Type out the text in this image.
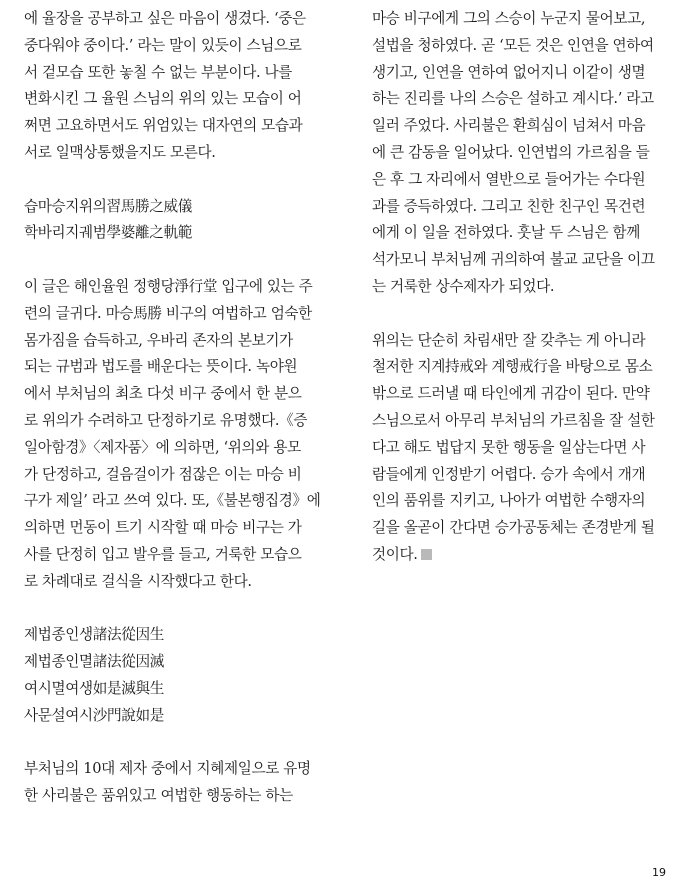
에 율장을 공부하고 싶은 마음이 생겼다. ‘중은
중다워야 중이다.’ 라는 말이 있듯이 스님으로
서 겉모습 또한 놓칠 수 없는 부분이다. 나를
변화시킨 그 율원 스님의 위의 있는 모습이 어
쩌면 고요하면서도 위엄있는 대자연의 모습과
서로 일맥상통했을지도 모른다.
습마승지위의習馬勝之威儀
학바리지궤범學婆離之軌範
이 글은 해인율원 정행당淨行堂 입구에 있는 주
련의 글귀다. 마승馬勝 비구의 여법하고 엄숙한
몸가짐을 습득하고, 우바리 존자의 본보기가
되는 규범과 법도를 배운다는 뜻이다. 녹야원
에서 부처님의 최초 다섯 비구 중에서 한 분으
로 위의가 수려하고 단정하기로 유명했다.《증
일아함경》〈제자품〉에 의하면, ‘위의와 용모
가 단정하고, 걸음걸이가 점잖은 이는 마승 비
구가 제일’ 라고 쓰여 있다. 또,《불본행집경》에
의하면 먼동이 트기 시작할 때 마승 비구는 가
사를 단정히 입고 발우를 들고, 거룩한 모습으
로 차례대로 걸식을 시작했다고 한다.
제법종인생諸法從因生
제법종인멸諸法從因滅
여시멸여생如是滅與生
사문설여시沙門說如是
부처님의 10대 제자 중에서 지혜제일으로 유명
한 사리불은 품위있고 여법한 행동하는 하는
마승 비구에게 그의 스승이 누군지 물어보고,
설법을 청하였다. 곧 ‘모든 것은 인연을 연하여
생기고, 인연을 연하여 없어지니 이같이 생멸
하는 진리를 나의 스승은 설하고 계시다.’ 라고
일러 주었다. 사리불은 환희심이 넘쳐서 마음
에 큰 감동을 일어났다. 인연법의 가르침을 들
은 후 그 자리에서 열반으로 들어가는 수다원
과를 증득하였다. 그리고 친한 친구인 목건련
에게 이 일을 전하였다. 훗날 두 스님은 함께
석가모니 부처님께 귀의하여 불교 교단을 이끄
는 거룩한 상수제자가 되었다.
위의는 단순히 차림새만 잘 갖추는 게 아니라
철저한 지계持戒와 계행戒行을 바탕으로 몸소
밖으로 드러낼 때 타인에게 귀감이 된다. 만약
스님으로서 아무리 부처님의 가르침을 잘 설한
다고 해도 법답지 못한 행동을 일삼는다면 사
람들에게 인정받기 어렵다. 승가 속에서 개개
인의 품위를 지키고, 나아가 여법한 수행자의
길을 올곧이 간다면 승가공동체는 존경받게 될
것이다.
19
